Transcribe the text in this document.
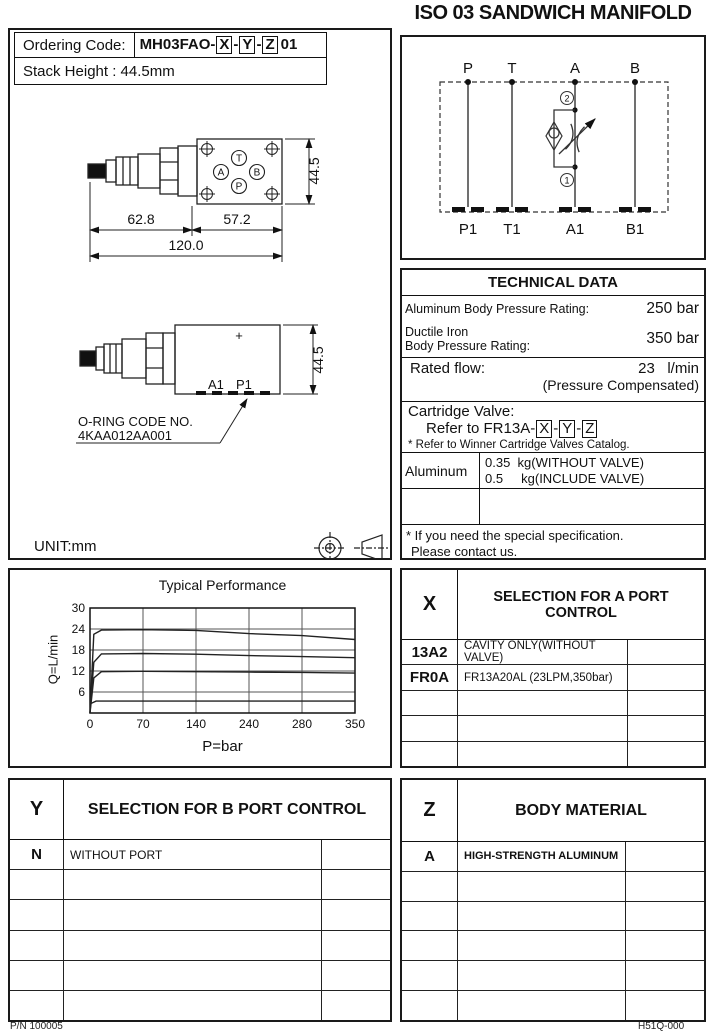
ISO 03 SANDWICH MANIFOLD
Ordering Code: MH03FAO- X - Y - Z 01
Stack Height : 44.5mm
T
A	B
P
62.8	57.2
120.0
44.5
+
A1 P1
44.5
O-RING CODE NO.
4KAA012AA001
UNIT:mm
P T	A	B
P1 T1	A1	B1
2
1
TECHNICAL DATA
Aluminum Body Pressure Rating:	250 bar
Ductile Iron
Body Pressure Rating:	350 bar
Rated flow:	23   l/min
(Pressure Compensated)
Cartridge Valve:
Refer to FR13A- X - Y - Z
* Refer to Winner Cartridge Valves Catalog.
Aluminum	0.35  kg(WITHOUT VALVE)
0.5     kg(INCLUDE VALVE)
* If you need the special specification.
Please contact us.
Typical Performance
Q=L/min
P=bar
6
12
18
24
30
0	70	140	240	280	350
X	SELECTION FOR A PORT CONTROL
13A2	CAVITY ONLY(WITHOUT VALVE)
FR0A	FR13A20AL (23LPM,350bar)
Y	SELECTION FOR B PORT CONTROL
N	WITHOUT PORT
Z	BODY MATERIAL
A	HIGH-STRENGTH ALUMINUM
P/N 100005	H51Q-000
